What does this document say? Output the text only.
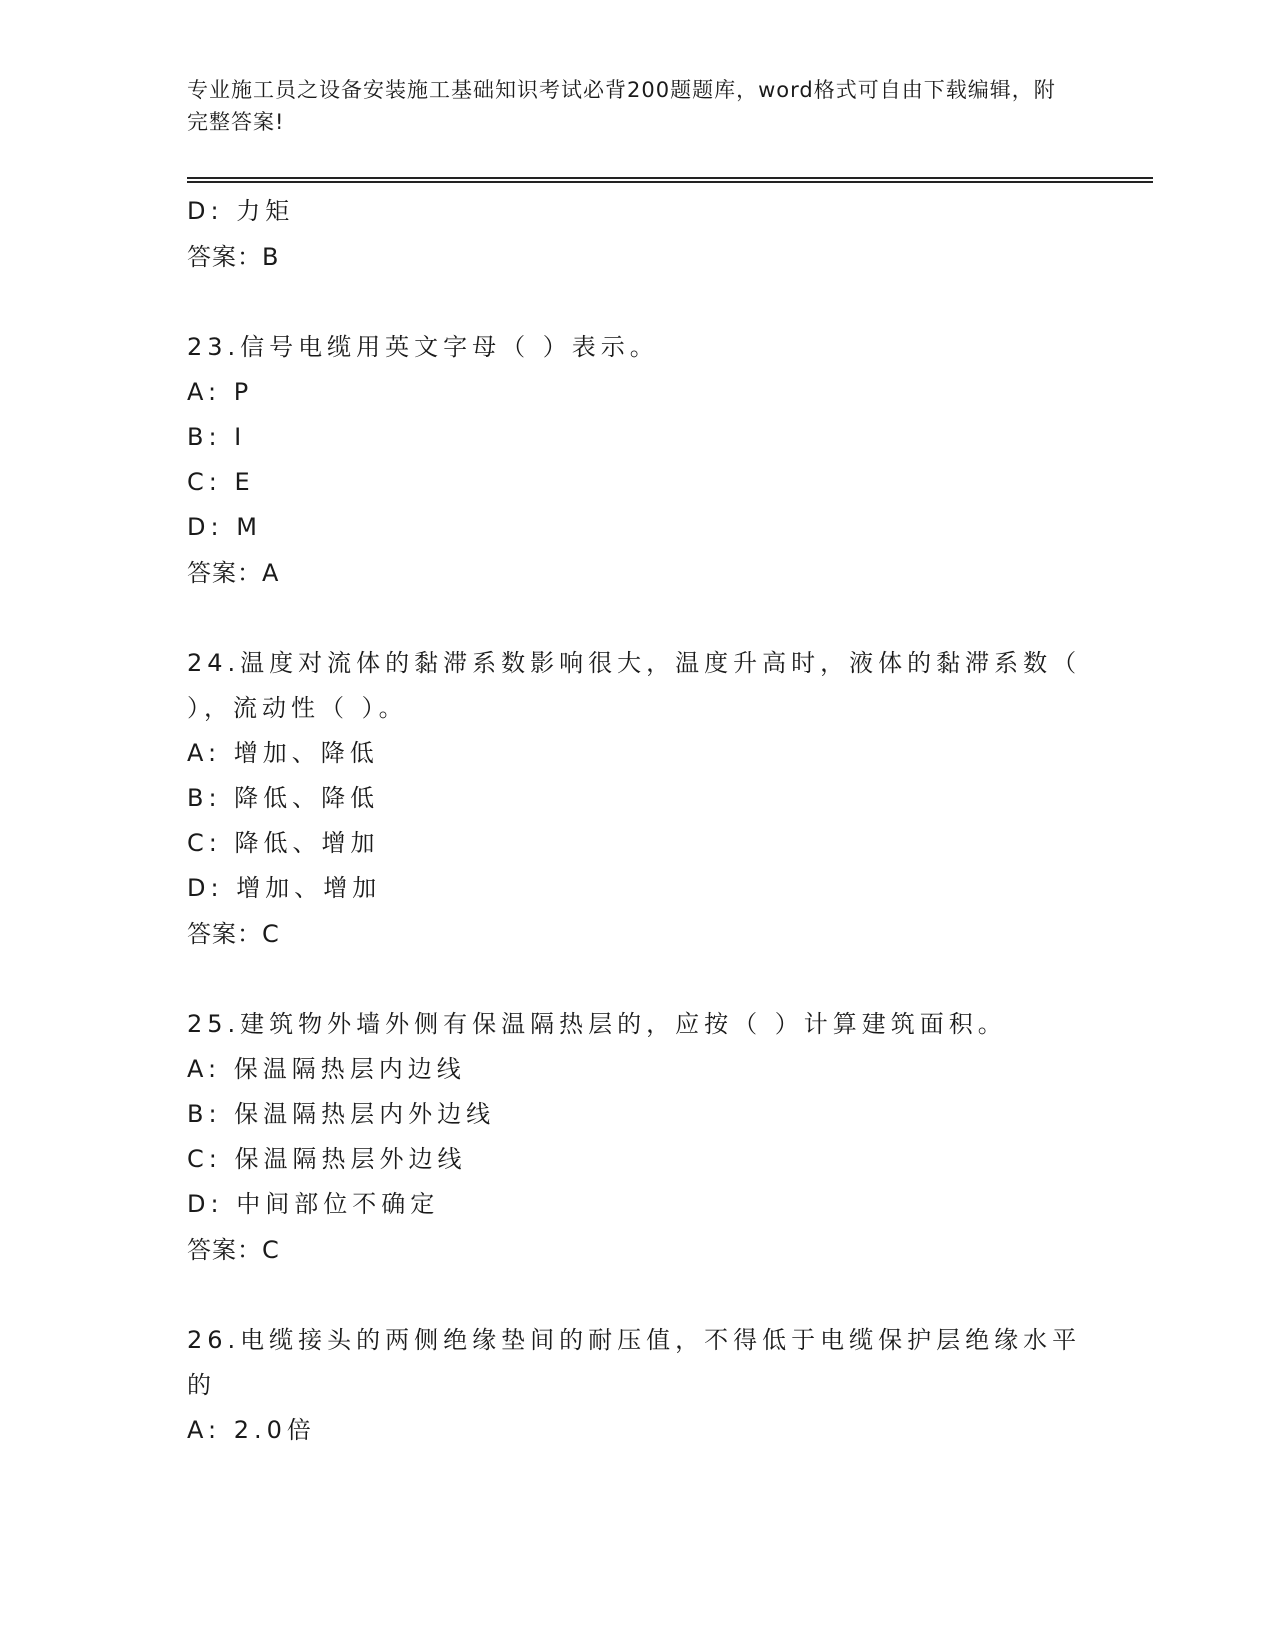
专业施工员之设备安装施工基础知识考试必背200题题库，word格式可自由下载编辑，附完整答案!
D: 力矩
答案：B
23.信号电缆用英文字母（ ）表示。
A: P
B: I
C: E
D: M
答案：A
24.温度对流体的黏滞系数影响很大，温度升高时，液体的黏滞系数（
），流动性（ ）。
A: 增加、降低
B: 降低、降低
C: 降低、增加
D: 增加、增加
答案：C
25.建筑物外墙外侧有保温隔热层的，应按（ ）计算建筑面积。
A: 保温隔热层内边线
B: 保温隔热层内外边线
C: 保温隔热层外边线
D: 中间部位不确定
答案：C
26.电缆接头的两侧绝缘垫间的耐压值，不得低于电缆保护层绝缘水平
的
A: 2.0倍
